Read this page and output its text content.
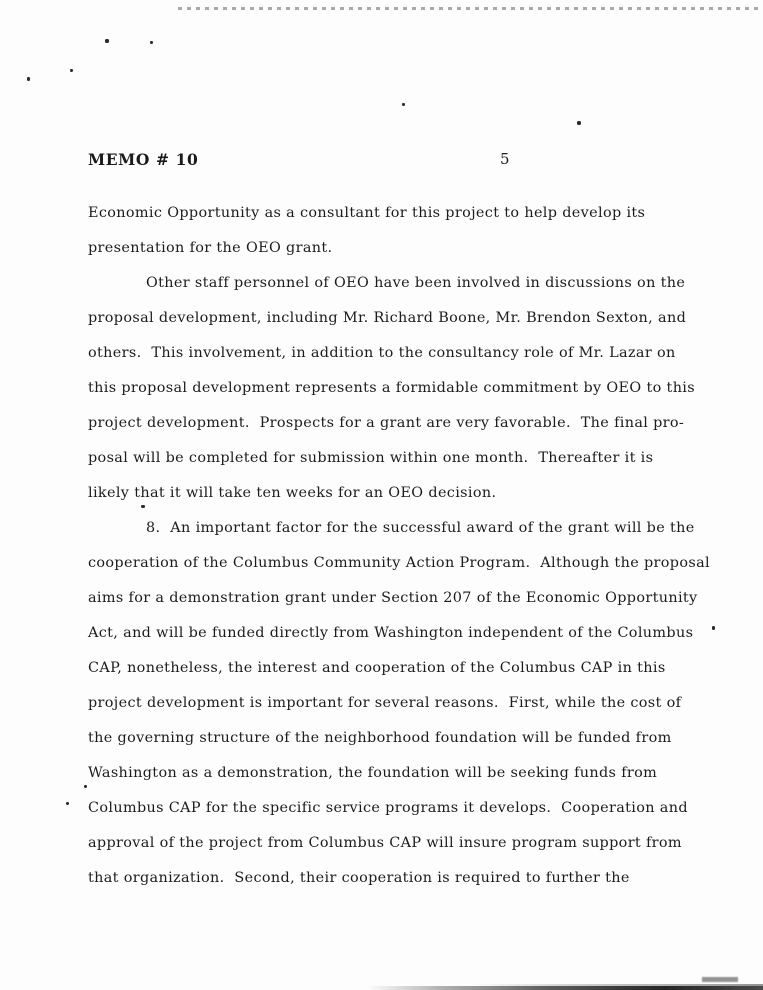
MEMO # 10	5
Economic Opportunity as a consultant for this project to help develop its
presentation for the OEO grant.
Other staff personnel of OEO have been involved in discussions on the
proposal development, including Mr. Richard Boone, Mr. Brendon Sexton, and
others.  This involvement, in addition to the consultancy role of Mr. Lazar on
this proposal development represents a formidable commitment by OEO to this
project development.  Prospects for a grant are very favorable.  The final pro-
posal will be completed for submission within one month.  Thereafter it is
likely that it will take ten weeks for an OEO decision.
8.  An important factor for the successful award of the grant will be the
cooperation of the Columbus Community Action Program.  Although the proposal
aims for a demonstration grant under Section 207 of the Economic Opportunity
Act, and will be funded directly from Washington independent of the Columbus
CAP, nonetheless, the interest and cooperation of the Columbus CAP in this
project development is important for several reasons.  First, while the cost of
the governing structure of the neighborhood foundation will be funded from
Washington as a demonstration, the foundation will be seeking funds from
Columbus CAP for the specific service programs it develops.  Cooperation and
approval of the project from Columbus CAP will insure program support from
that organization.  Second, their cooperation is required to further the
